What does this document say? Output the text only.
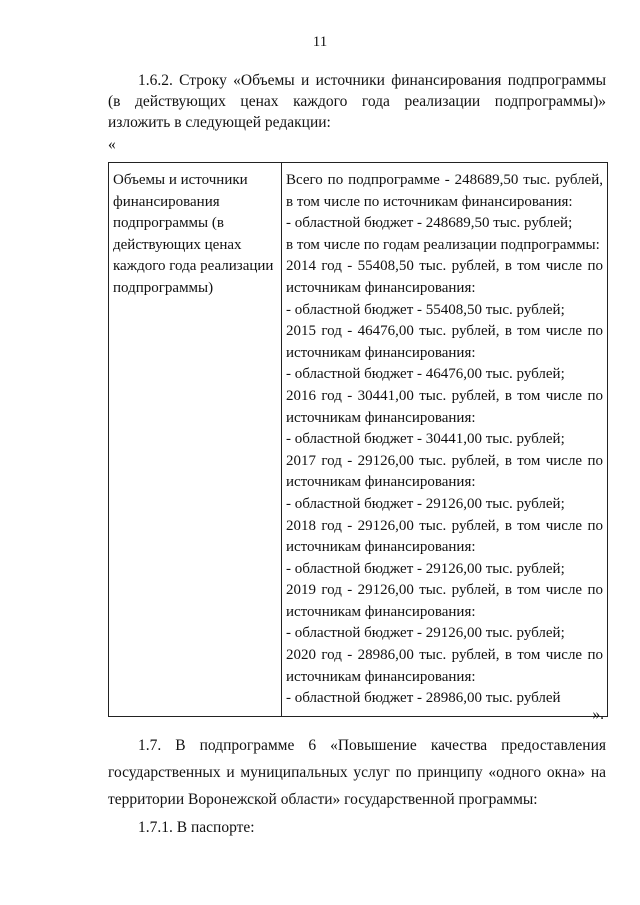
11
1.6.2. Строку «Объемы и источники финансирования подпрограммы (в действующих ценах каждого года реализации подпрограммы)» изложить в следующей редакции:
«
Объемы и источники
финансирования
подпрограммы (в
действующих ценах
каждого года реализации
подпрограммы)

Всего по подпрограмме - 248689,50 тыс. рублей,
в том числе по источникам финансирования:
- областной бюджет - 248689,50 тыс. рублей;
в том числе по годам реализации подпрограммы:
2014 год - 55408,50 тыс. рублей, в том числе по
источникам финансирования:
- областной бюджет - 55408,50 тыс. рублей;
2015 год - 46476,00 тыс. рублей, в том числе по
источникам финансирования:
- областной бюджет - 46476,00 тыс. рублей;
2016 год - 30441,00 тыс. рублей, в том числе по
источникам финансирования:
- областной бюджет - 30441,00 тыс. рублей;
2017 год - 29126,00 тыс. рублей, в том числе по
источникам финансирования:
- областной бюджет - 29126,00 тыс. рублей;
2018 год - 29126,00 тыс. рублей, в том числе по
источникам финансирования:
- областной бюджет - 29126,00 тыс. рублей;
2019 год - 29126,00 тыс. рублей, в том числе по
источникам финансирования:
- областной бюджет - 29126,00 тыс. рублей;
2020 год - 28986,00 тыс. рублей, в том числе по
источникам финансирования:
- областной бюджет - 28986,00 тыс. рублей
».
1.7. В подпрограмме 6 «Повышение качества предоставления государственных и муниципальных услуг по принципу «одного окна» на территории Воронежской области» государственной программы:
1.7.1. В паспорте:
